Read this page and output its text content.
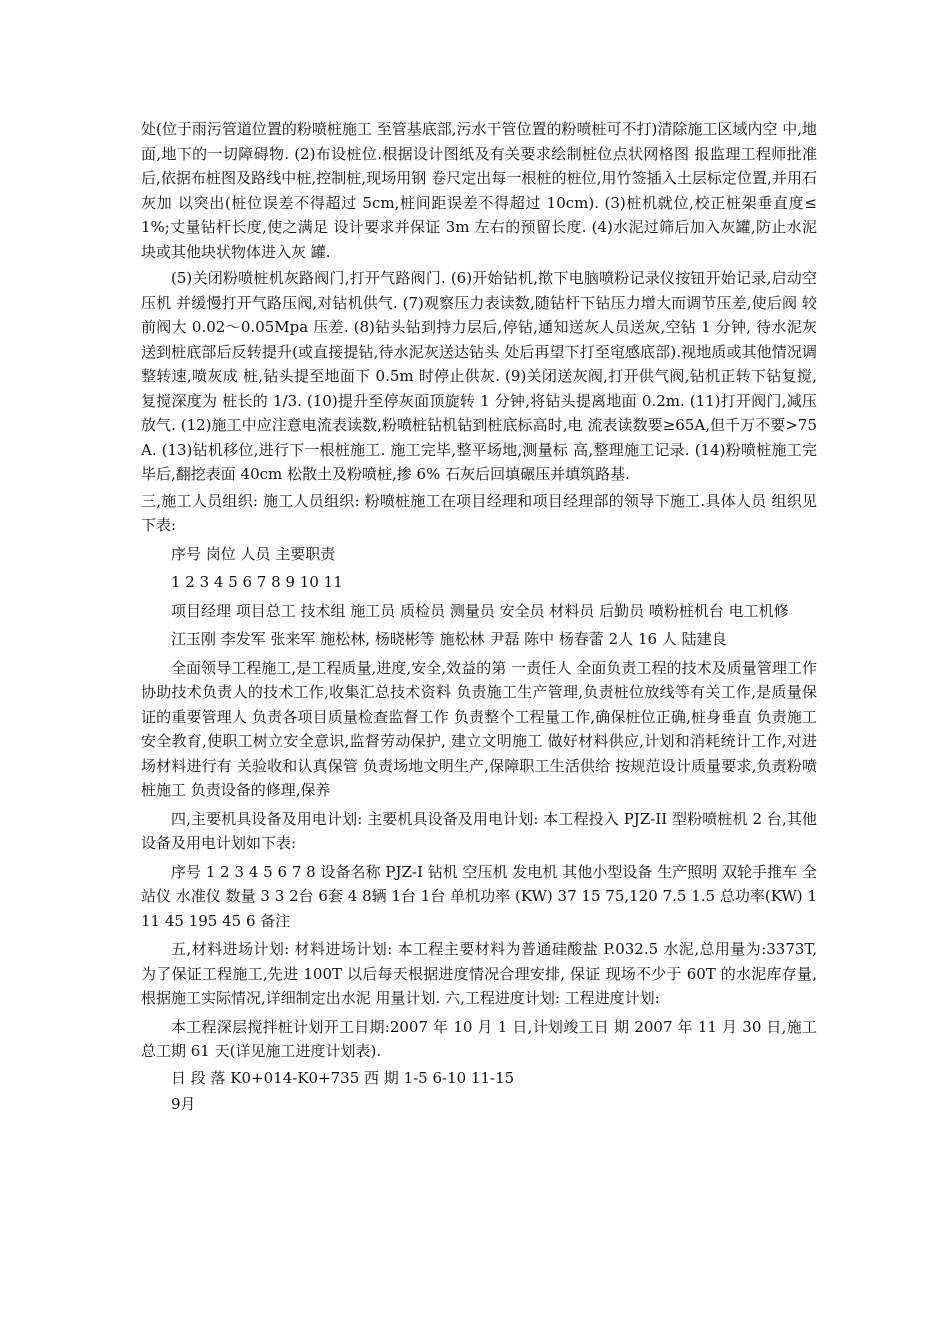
处(位于雨污管道位置的粉喷桩施工 至管基底部,污水干管位置的粉喷桩可不打)清除施工区域内空 中,地面,地下的一切障碍物. (2)布设桩位.根据设计图纸及有关要求绘制桩位点状网格图 报监理工程师批准后,依据布桩图及路线中桩,控制桩,现场用钢 卷尺定出每一根桩的桩位,用竹签插入土层标定位置,并用石灰加 以突出(桩位误差不得超过 5cm,桩间距误差不得超过 10cm). (3)桩机就位,校正桩架垂直度≤1%;丈量钻杆长度,使之满足 设计要求并保证 3m 左右的预留长度. (4)水泥过筛后加入灰罐,防止水泥块或其他块状物体进入灰 罐.

(5)关闭粉喷桩机灰路阀门,打开气路阀门. (6)开始钻机,揿下电脑喷粉记录仪按钮开始记录,启动空压机 并缓慢打开气路压阀,对钻机供气. (7)观察压力表读数,随钻杆下钻压力增大而调节压差,使后阀 较前阀大 0.02～0.05Mpa 压差. (8)钻头钻到持力层后,停钻,通知送灰人员送灰,空钻 1 分钟, 待水泥灰送到桩底部后反转提升(或直接提钻,待水泥灰送达钻头 处后再望下打至窀感底部).视地质或其他情况调整转速,喷灰成 桩,钻头提至地面下 0.5m 时停止供灰. (9)关闭送灰阀,打开供气阀,钻机正转下钻复搅, 复搅深度为 桩长的 1/3. (10)提升至停灰面顶旋转 1 分钟,将钻头提离地面 0.2m. (11)打开阀门,减压放气. (12)施工中应注意电流表读数,粉喷桩钻机钻到桩底标高时,电 流表读数要≥65A,但千万不要>75A. (13)钻机移位,进行下一根桩施工. 施工完毕,整平场地,测量标 高,整理施工记录. (14)粉喷桩施工完毕后,翻挖表面 40cm 松散土及粉喷桩,掺 6% 石灰后回填碾压并填筑路基.

三,施工人员组织: 施工人员组织: 粉喷桩施工在项目经理和项目经理部的领导下施工.具体人员 组织见下表:

序号 岗位 人员 主要职责

1 2 3 4 5 6 7 8 9 10 11

项目经理 项目总工 技术组 施工员 质检员 测量员 安全员 材料员 后勤员 喷粉桩机台 电工机修

江玉刚 李发军 张来军 施松林, 杨晓彬等 施松林 尹磊 陈中 杨春蕾 2人 16 人 陆建良

全面领导工程施工,是工程质量,进度,安全,效益的第 一责任人 全面负责工程的技术及质量管理工作 协助技术负责人的技术工作,收集汇总技术资料 负责施工生产管理,负责桩位放线等有关工作,是质量保 证的重要管理人 负责各项目质量检查监督工作 负责整个工程量工作,确保桩位正确,桩身垂直 负责施工安全教育,使职工树立安全意识,监督劳动保护, 建立文明施工 做好材料供应,计划和消耗统计工作,对进场材料进行有 关验收和认真保管 负责场地文明生产,保障职工生活供给 按规范设计质量要求,负责粉喷桩施工 负责设备的修理,保养

四,主要机具设备及用电计划: 主要机具设备及用电计划: 本工程投入 PJZ-II 型粉喷桩机 2 台,其他设备及用电计划如下表:

序号 1 2 3 4 5 6 7 8 设备名称 PJZ-I 钻机 空压机 发电机 其他小型设备 生产照明 双轮手推车 全站仪 水准仪 数量 3 3 2台 6套 4 8辆 1台 1台 单机功率 (KW) 37 15 75,120 7.5 1.5 总功率(KW) 111 45 195 45 6 备注

五,材料进场计划: 材料进场计划: 本工程主要材料为普通硅酸盐 P.032.5 水泥,总用量为:3373T, 为了保证工程施工,先进 100T 以后每天根据进度情况合理安排, 保证 现场不少于 60T 的水泥库存量,根据施工实际情况,详细制定出水泥 用量计划. 六,工程进度计划: 工程进度计划:

本工程深层搅拌桩计划开工日期:2007 年 10 月 1 日,计划竣工日 期 2007 年 11 月 30 日,施工总工期 61 天(详见施工进度计划表).

日 段 落 K0+014-K0+735 西 期 1-5 6-10 11-15

9月
